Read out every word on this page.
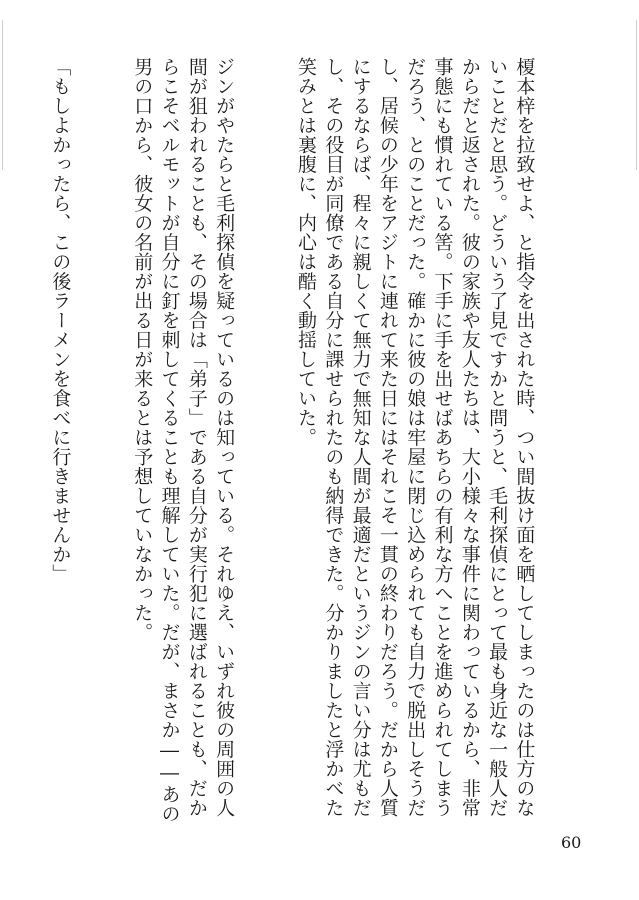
榎本梓を拉致せよ、と指令を出された時、つい間抜け面を晒してしまったのは仕方のないことだと思う。どういう了見ですかと問うと、毛利探偵にとって最も身近な一般人だからだと返された。彼の家族や友人たちは、大小様々な事件に関わっているから、非常事態にも慣れている筈。下手に手を出せばあちらの有利な方へことを進められてしまうだろう、とのことだった。確かに彼の娘は牢屋に閉じ込められても自力で脱出しそうだし、居候の少年をアジトに連れて来た日にはそれこそ一貫の終わりだろう。だから人質にするならば、程々に親しくて無力で無知な人間が最適だというジンの言い分は尤もだし、その役目が同僚である自分に課せられたのも納得できた。分かりましたと浮かべた笑みとは裏腹に、内心は酷く動揺していた。

ジンがやたらと毛利探偵を疑っているのは知っている。それゆえ、いずれ彼の周囲の人間が狙われることも、その場合は「弟子」である自分が実行犯に選ばれることも、だからこそベルモットが自分に釘を刺してくることも理解していた。だが、まさか――あの男の口から、彼女の名前が出る日が来るとは予想していなかった。

「もしよかったら、この後ラーメンを食べに行きませんか」

60
